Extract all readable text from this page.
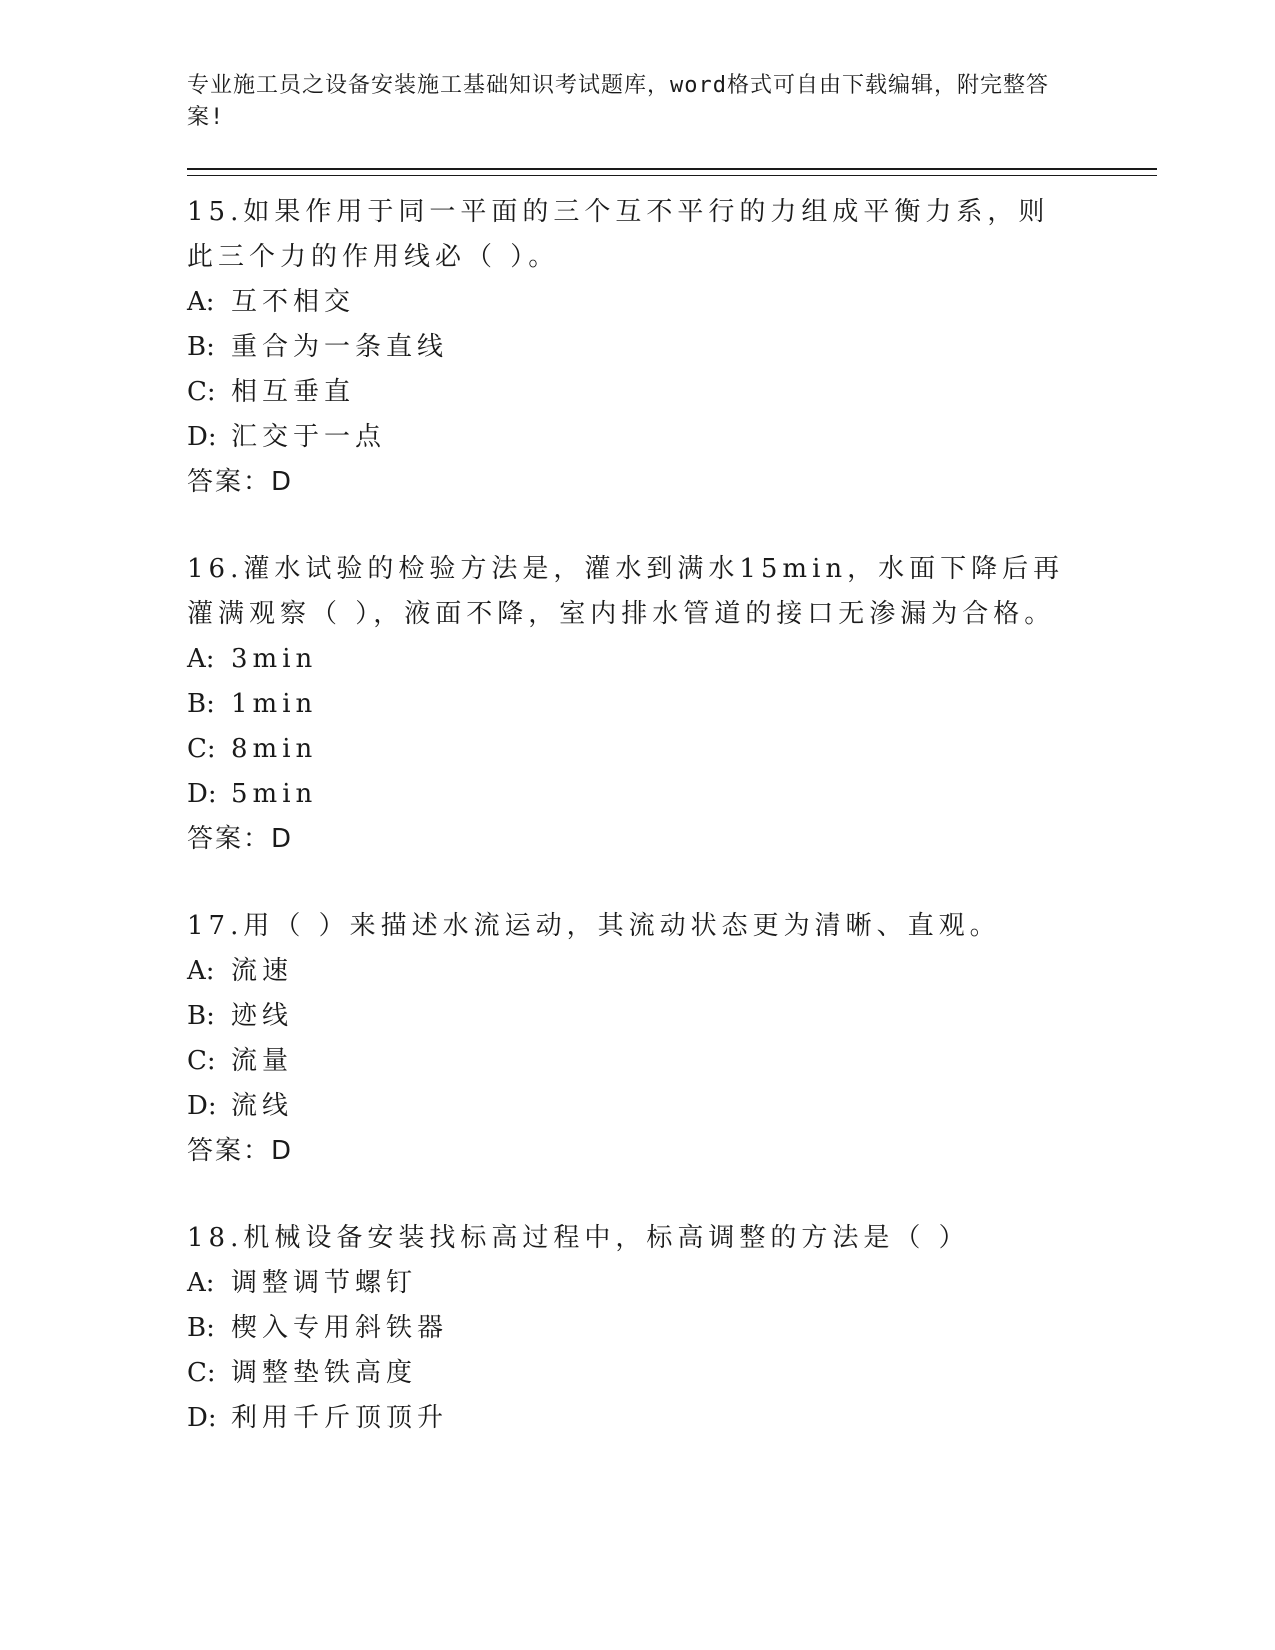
专业施工员之设备安装施工基础知识考试题库，word格式可自由下载编辑，附完整答案!

15.如果作用于同一平面的三个互不平行的力组成平衡力系，则此三个力的作用线必（ ）。

A: 互不相交

B: 重合为一条直线

C: 相互垂直

D: 汇交于一点

答案：D

16.灌水试验的检验方法是，灌水到满水15min，水面下降后再灌满观察（ ），液面不降，室内排水管道的接口无渗漏为合格。

A: 3min

B: 1min

C: 8min

D: 5min

答案：D

17.用（ ）来描述水流运动，其流动状态更为清晰、直观。

A: 流速

B: 迹线

C: 流量

D: 流线

答案：D

18.机械设备安装找标高过程中，标高调整的方法是（ ）

A: 调整调节螺钉

B: 楔入专用斜铁器

C: 调整垫铁高度

D: 利用千斤顶顶升
